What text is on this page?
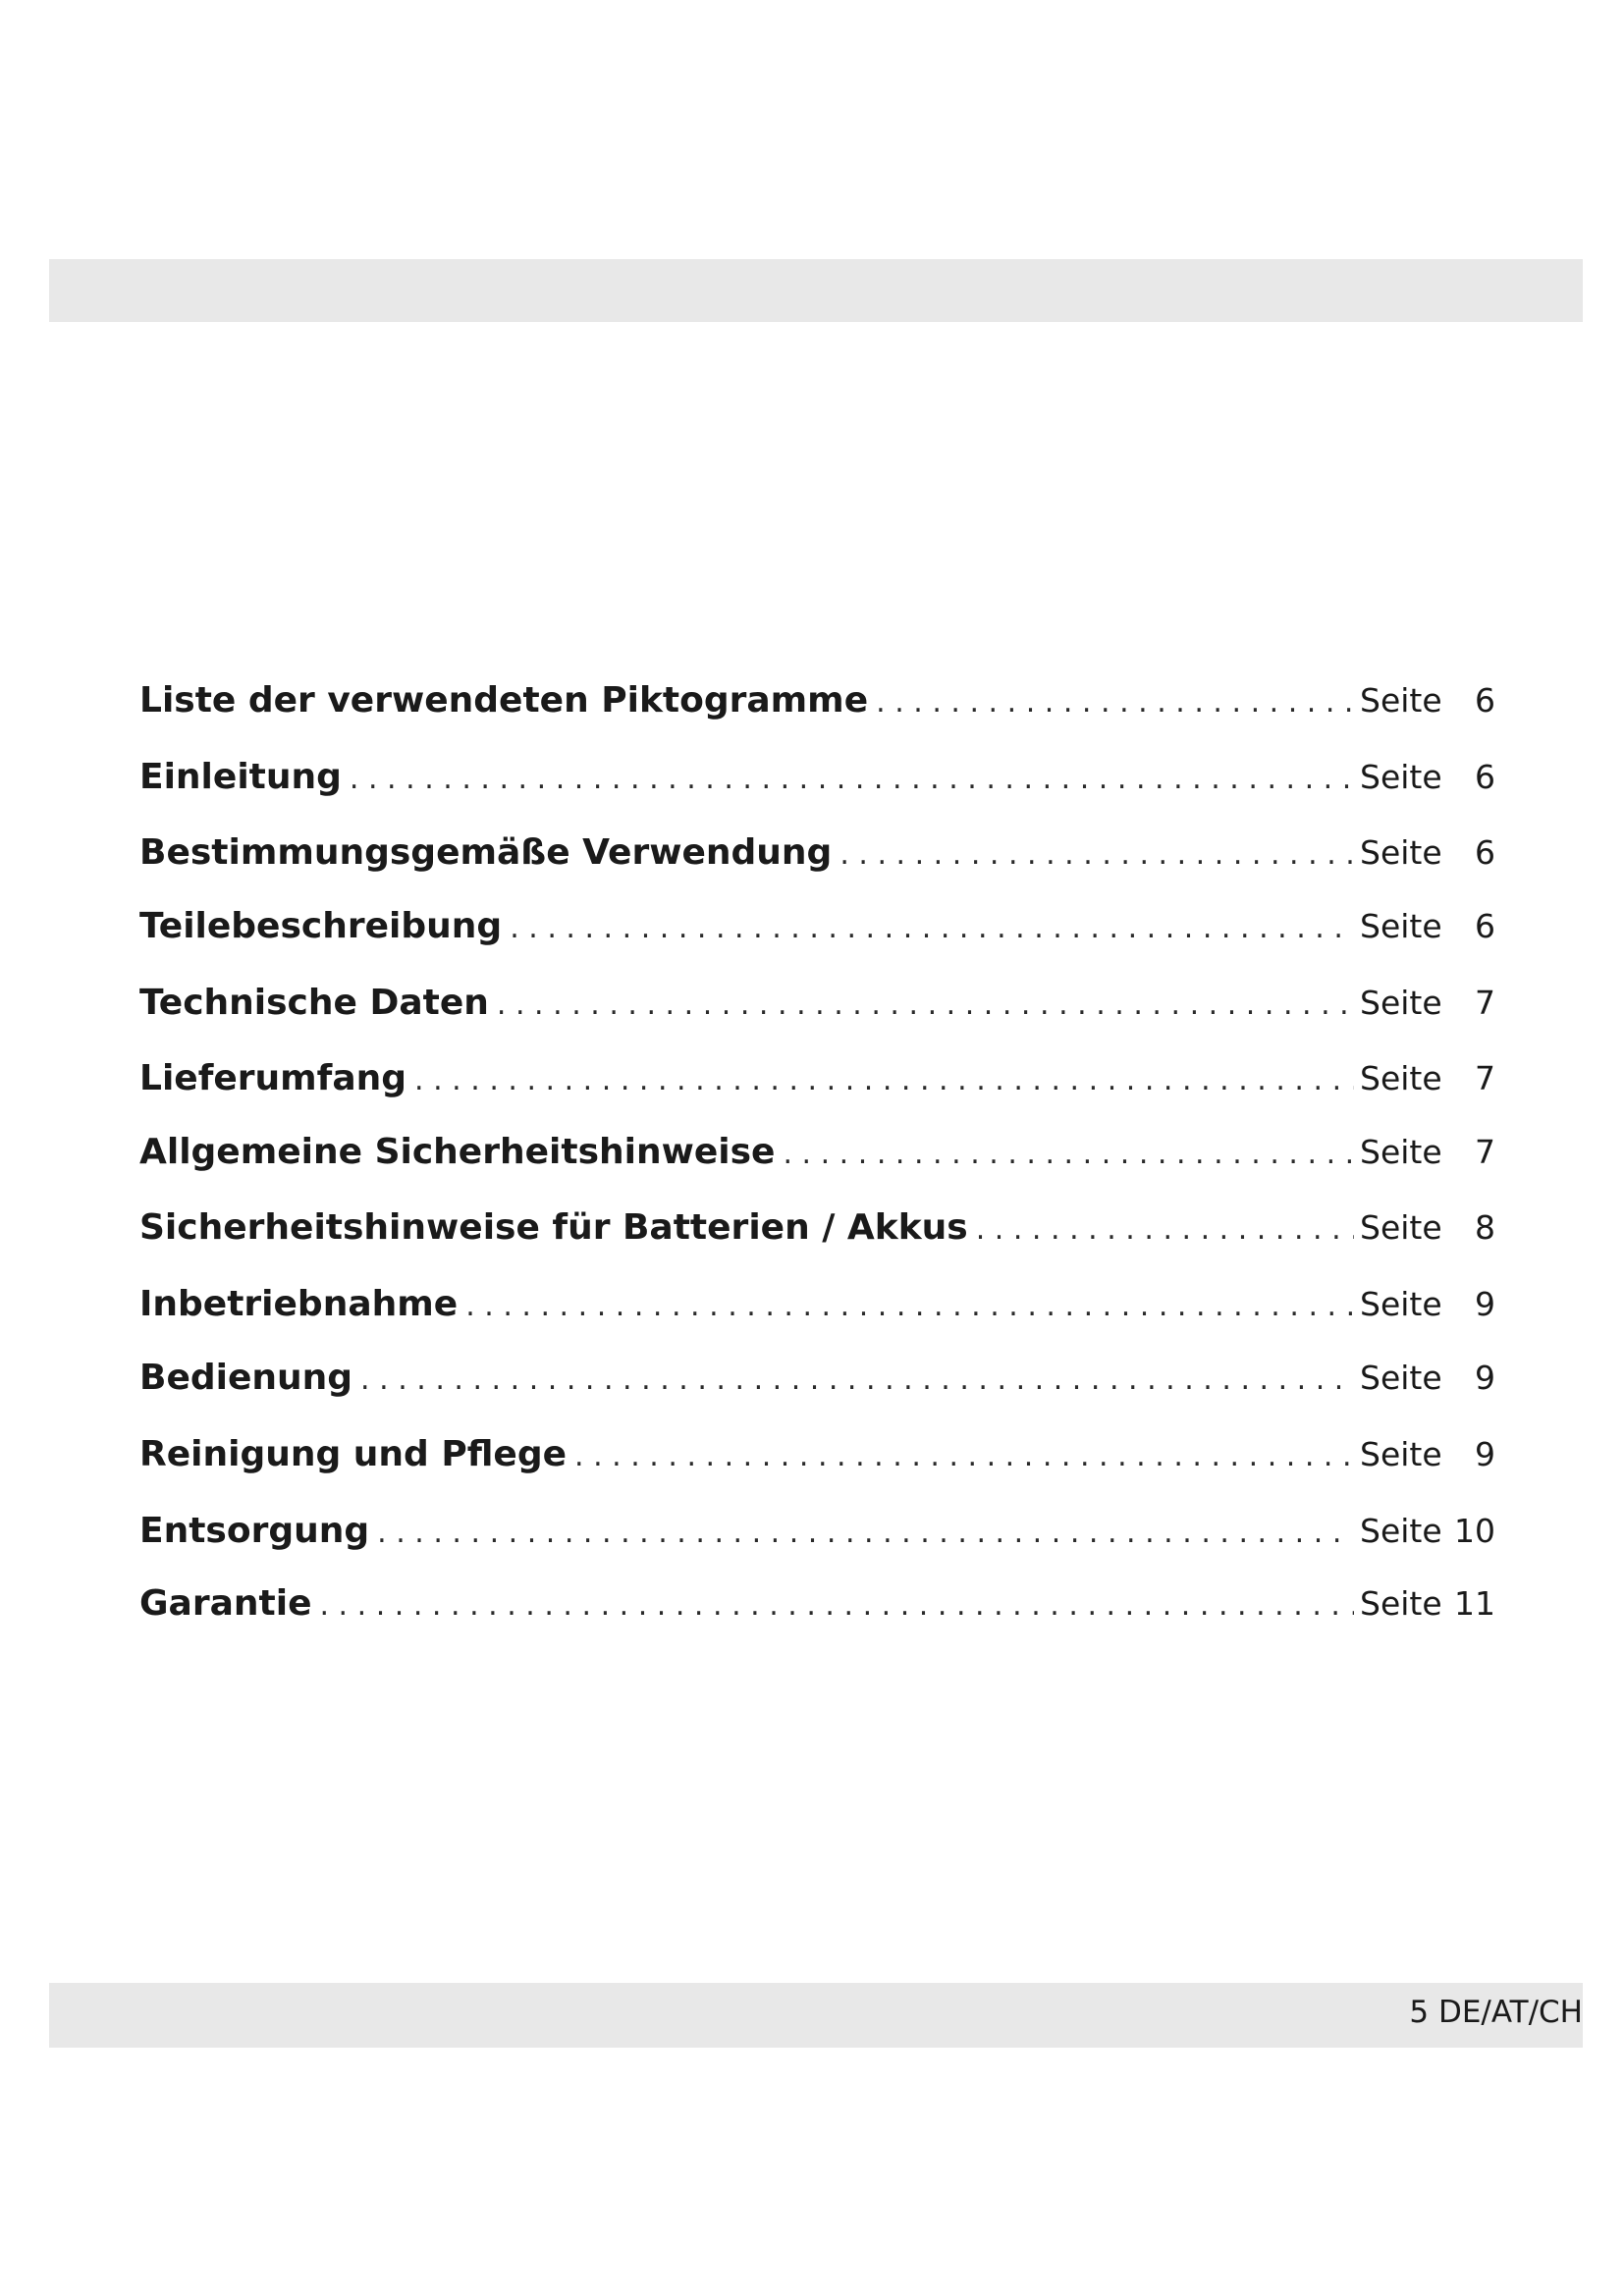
Liste der verwendeten Piktogramme . . .	Seite	6
Einleitung . . .	Seite	6
Bestimmungsgemäße Verwendung . . .	Seite	6
Teilebeschreibung . . .	Seite	6
Technische Daten . . .	Seite	7
Lieferumfang . . .	Seite	7
Allgemeine Sicherheitshinweise . . .	Seite	7
Sicherheitshinweise für Batterien / Akkus . . .	Seite	8
Inbetriebnahme . . .	Seite	9
Bedienung . . .	Seite	9
Reinigung und Pflege . . .	Seite	9
Entsorgung . . .	Seite 10
Garantie . . .	Seite 11
5 DE/AT/CH
